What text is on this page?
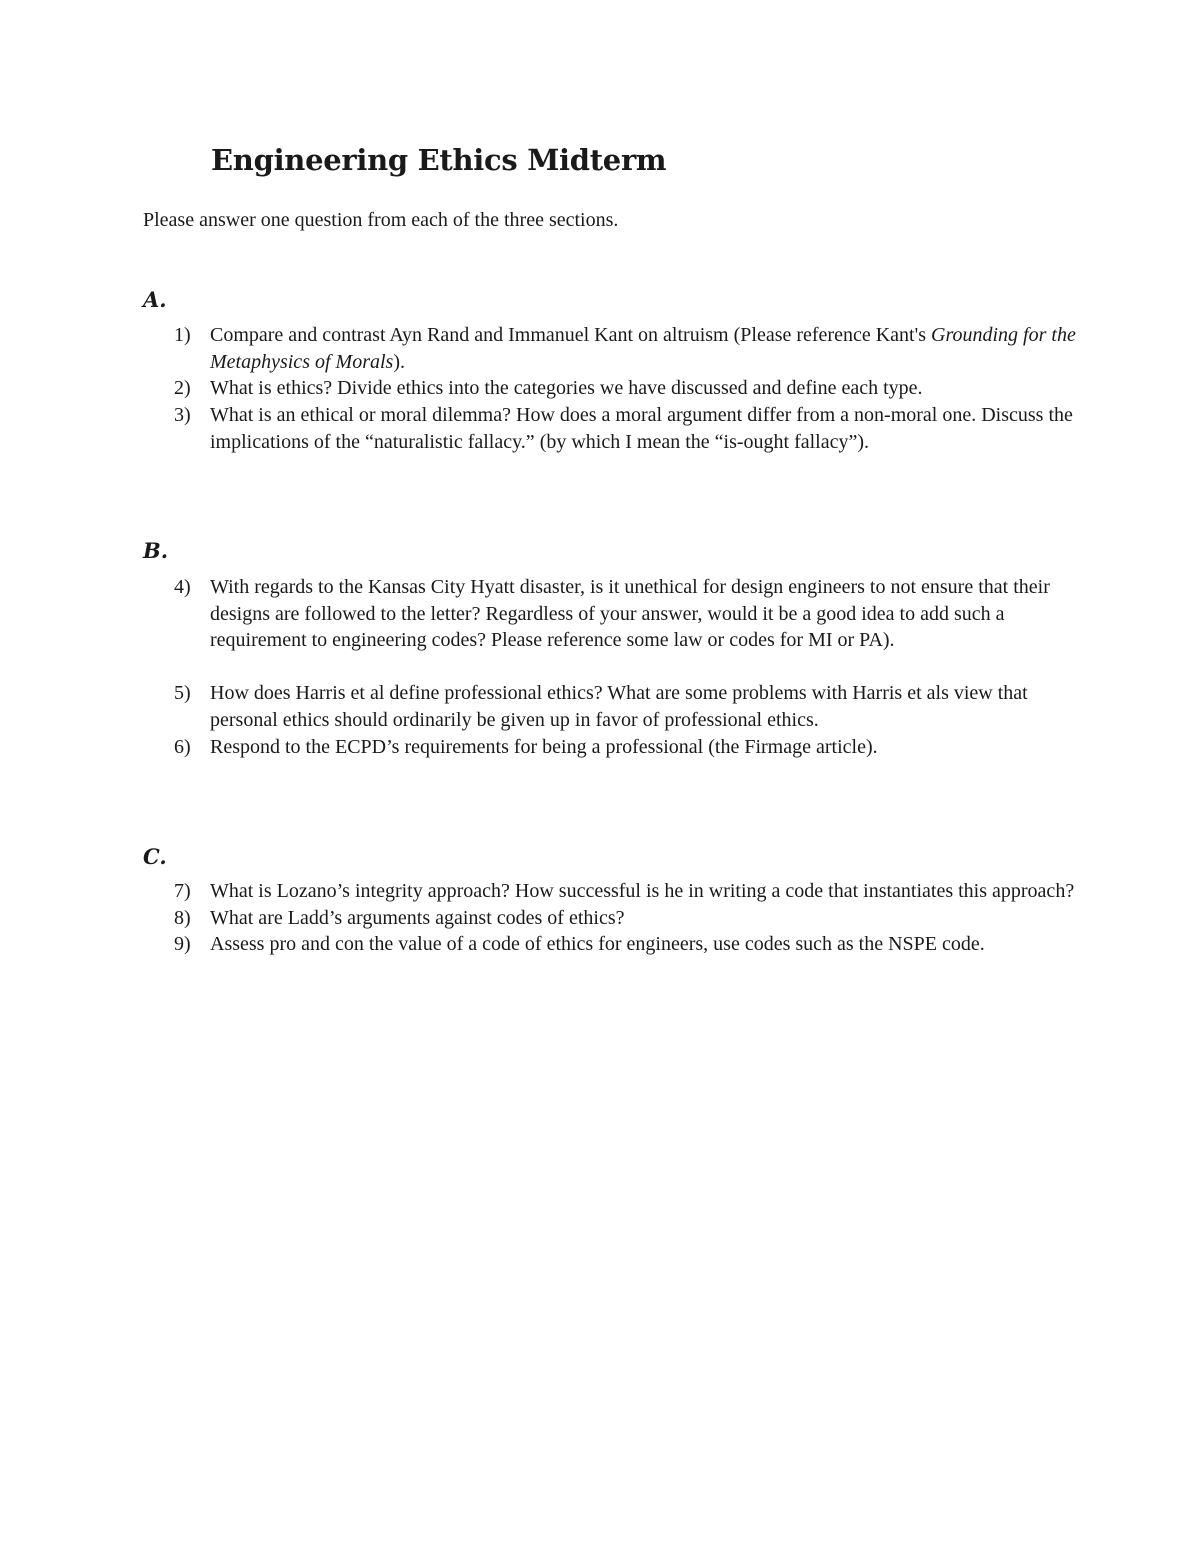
Engineering Ethics Midterm

Please answer one question from each of the three sections.

A.
1) Compare and contrast Ayn Rand and Immanuel Kant on altruism (Please reference Kant's Grounding for the Metaphysics of Morals).
2) What is ethics? Divide ethics into the categories we have discussed and define each type.
3) What is an ethical or moral dilemma? How does a moral argument differ from a non-moral one. Discuss the implications of the “naturalistic fallacy.” (by which I mean the “is-ought fallacy”).
B.
4) With regards to the Kansas City Hyatt disaster, is it unethical for design engineers to not ensure that their designs are followed to the letter? Regardless of your answer, would it be a good idea to add such a requirement to engineering codes? Please reference some law or codes for MI or PA).
5) How does Harris et al define professional ethics? What are some problems with Harris et als view that personal ethics should ordinarily be given up in favor of professional ethics.
6) Respond to the ECPD’s requirements for being a professional (the Firmage article).
C.
7) What is Lozano’s integrity approach? How successful is he in writing a code that instantiates this approach?
8) What are Ladd’s arguments against codes of ethics?
9) Assess pro and con the value of a code of ethics for engineers, use codes such as the NSPE code.
